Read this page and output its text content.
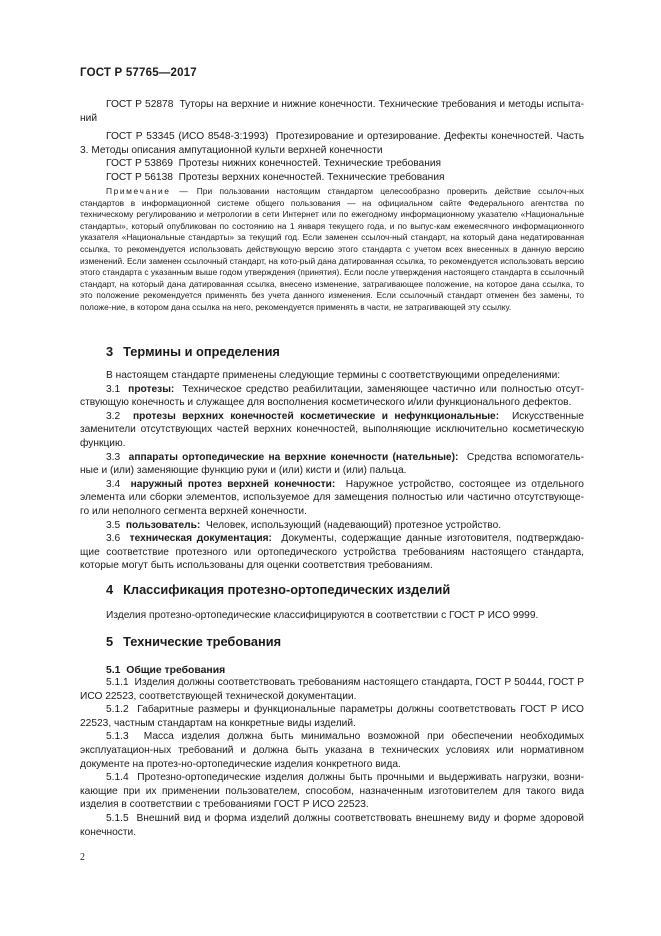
ГОСТ Р 57765—2017

ГОСТ Р 52878 Туторы на верхние и нижние конечности. Технические требования и методы испыта-ний

ГОСТ Р 53345 (ИСО 8548-3:1993) Протезирование и ортезирование. Дефекты конечностей. Часть 3. Методы описания ампутационной культи верхней конечности

ГОСТ Р 53869 Протезы нижних конечностей. Технические требования

ГОСТ Р 56138 Протезы верхних конечностей. Технические требования

Примечание — При пользовании настоящим стандартом целесообразно проверить действие ссылоч-ных стандартов в информационной системе общего пользования — на официальном сайте Федерального агентства по техническому регулированию и метрологии в сети Интернет или по ежегодному информационному указателю «Национальные стандарты», который опубликован по состоянию на 1 января текущего года, и по выпус-кам ежемесячного информационного указателя «Национальные стандарты» за текущий год. Если заменен ссылоч-ный стандарт, на который дана недатированная ссылка, то рекомендуется использовать действующую версию этого стандарта с учетом всех внесенных в данную версию изменений. Если заменен ссылочный стандарт, на кото-рый дана датированная ссылка, то рекомендуется использовать версию этого стандарта с указанным выше годом утверждения (принятия). Если после утверждения настоящего стандарта в ссылочный стандарт, на который дана датированная ссылка, внесено изменение, затрагивающее положение, на которое дана ссылка, то это положение рекомендуется применять без учета данного изменения. Если ссылочный стандарт отменен без замены, то положе-ние, в котором дана ссылка на него, рекомендуется применять в части, не затрагивающей эту ссылку.

3 Термины и определения

В настоящем стандарте применены следующие термины с соответствующими определениями:

3.1 протезы: Техническое средство реабилитации, заменяющее частично или полностью отсут-ствующую конечность и служащее для восполнения косметического и/или функционального дефектов.

3.2 протезы верхних конечностей косметические и нефункциональные: Искусственные заменители отсутствующих частей верхних конечностей, выполняющие исключительно косметическую функцию.

3.3 аппараты ортопедические на верхние конечности (нательные): Средства вспомогатель-ные и (или) заменяющие функцию руки и (или) кисти и (или) пальца.

3.4 наружный протез верхней конечности: Наружное устройство, состоящее из отдельного элемента или сборки элементов, используемое для замещения полностью или частично отсутствующе-го или неполного сегмента верхней конечности.

3.5 пользователь: Человек, использующий (надевающий) протезное устройство.

3.6 техническая документация: Документы, содержащие данные изготовителя, подтверждаю-щие соответствие протезного или ортопедического устройства требованиям настоящего стандарта, которые могут быть использованы для оценки соответствия требованиям.

4 Классификация протезно-ортопедических изделий

Изделия протезно-ортопедические классифицируются в соответствии с ГОСТ Р ИСО 9999.

5 Технические требования
5.1 Общие требования

5.1.1 Изделия должны соответствовать требованиям настоящего стандарта, ГОСТ Р 50444, ГОСТ Р ИСО 22523, соответствующей технической документации.

5.1.2 Габаритные размеры и функциональные параметры должны соответствовать ГОСТ Р ИСО 22523, частным стандартам на конкретные виды изделий.

5.1.3 Масса изделия должна быть минимально возможной при обеспечении необходимых эксплуатацион-ных требований и должна быть указана в технических условиях или нормативном документе на протез-но-ортопедические изделия конкретного вида.

5.1.4 Протезно-ортопедические изделия должны быть прочными и выдерживать нагрузки, возни-кающие при их применении пользователем, способом, назначенным изготовителем для такого вида изделия в соответствии с требованиями ГОСТ Р ИСО 22523.

5.1.5 Внешний вид и форма изделий должны соответствовать внешнему виду и форме здоровой конечности.

2
